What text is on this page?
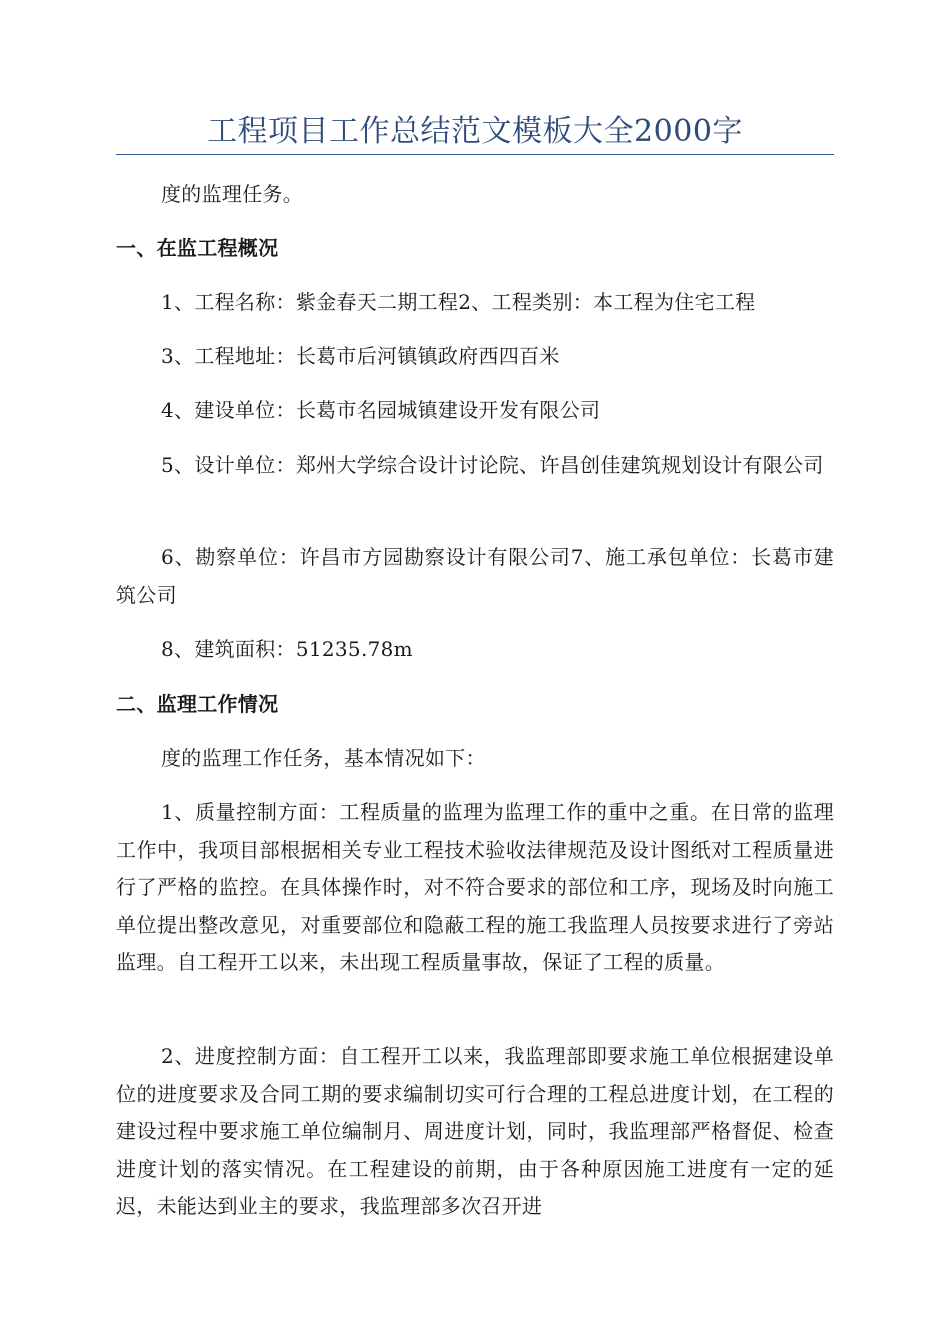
工程项目工作总结范文模板大全2000字

度的监理任务。

一、在监工程概况

1、工程名称：紫金春天二期工程2、工程类别：本工程为住宅工程

3、工程地址：长葛市后河镇镇政府西四百米

4、建设单位：长葛市名园城镇建设开发有限公司

5、设计单位：郑州大学综合设计讨论院、许昌创佳建筑规划设计有限公司

6、勘察单位：许昌市方园勘察设计有限公司7、施工承包单位：长葛市建筑公司

8、建筑面积：51235.78m

二、监理工作情况

度的监理工作任务，基本情况如下：

1、质量控制方面：工程质量的监理为监理工作的重中之重。在日常的监理工作中，我项目部根据相关专业工程技术验收法律规范及设计图纸对工程质量进行了严格的监控。在具体操作时，对不符合要求的部位和工序，现场及时向施工单位提出整改意见，对重要部位和隐蔽工程的施工我监理人员按要求进行了旁站监理。自工程开工以来，未出现工程质量事故，保证了工程的质量。

2、进度控制方面：自工程开工以来，我监理部即要求施工单位根据建设单位的进度要求及合同工期的要求编制切实可行合理的工程总进度计划，在工程的建设过程中要求施工单位编制月、周进度计划，同时，我监理部严格督促、检查进度计划的落实情况。在工程建设的前期，由于各种原因施工进度有一定的延迟，未能达到业主的要求，我监理部多次召开进
